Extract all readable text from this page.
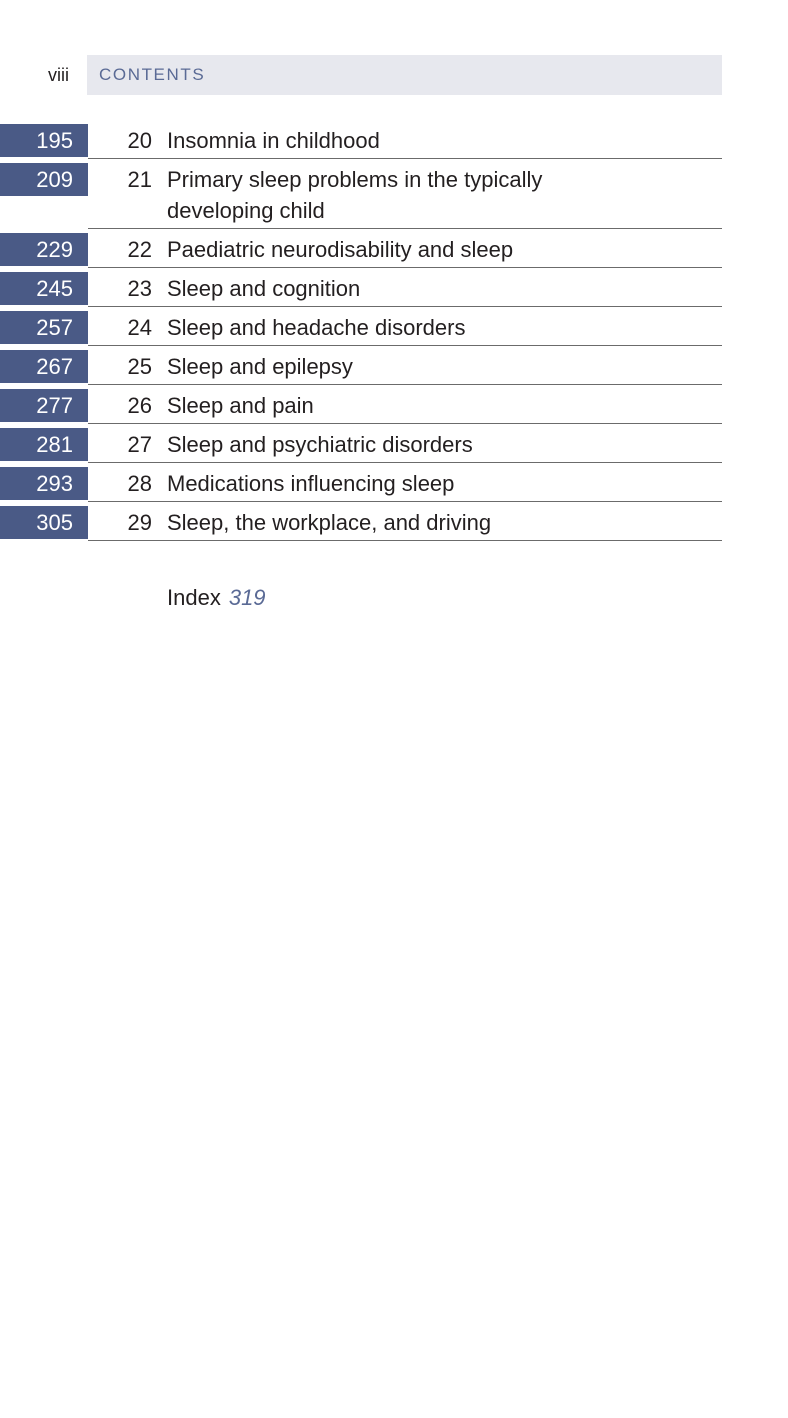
viii CONTENTS
195	20 Insomnia in childhood
209	21 Primary sleep problems in the typically developing child
229	22 Paediatric neurodisability and sleep
245	23 Sleep and cognition
257	24 Sleep and headache disorders
267	25 Sleep and epilepsy
277	26 Sleep and pain
281	27 Sleep and psychiatric disorders
293	28 Medications influencing sleep
305	29 Sleep, the workplace, and driving
Index 319
